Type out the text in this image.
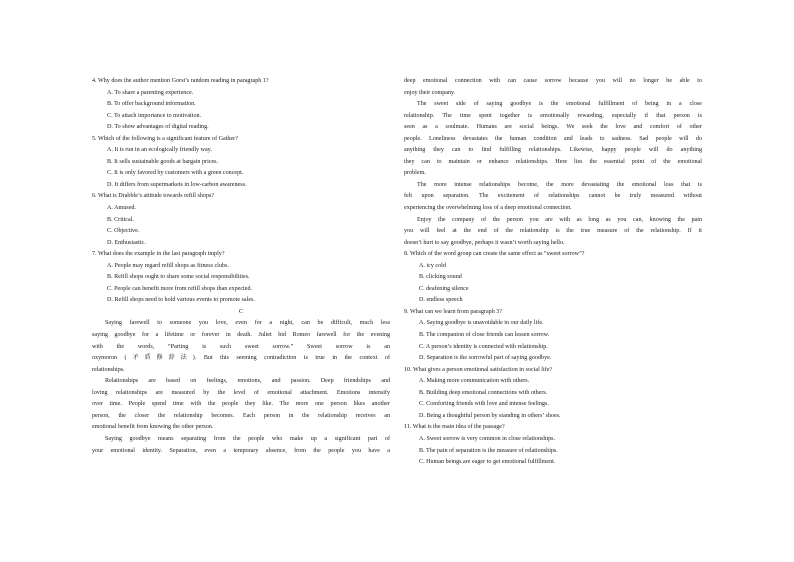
4. Why does the author mention Gorst’s random reading in paragraph 1?
A. To share a parenting experience.
B. To offer background information.
C. To attach importance to motivation.
D. To show advantages of digital reading.
5. Which of the following is a significant feature of Gather?
A. It is run in an ecologically friendly way.
B. It sells sustainable goods at bargain prices.
C. It is only favored by customers with a green concept.
D. It differs from supermarkets in low-carbon awareness.
6. What is Drabble’s attitude towards refill shops?
A. Amused.
B. Critical.
C. Objective.
D. Enthusiastic.
7. What does the example in the last paragraph imply?
A. People may regard refill shops as fitness clubs.
B. Refill shops ought to share some social responsibilities.
C. People can benefit more from refill shops than expected.
D. Refill shops need to hold various events to promote sales.
C
Saying farewell to someone you love, even for a night, can be difficult, much less
saying goodbye for a lifetime or forever in death. Juliet bid Romeo farewell for the evening
with the words, “Parting is such sweet sorrow.” Sweet sorrow is an
oxymoron (矛盾修辞法). But this seeming contradiction is true in the context of
relationships.
Relationships are based on feelings, emotions, and passion. Deep friendships and
loving relationships are measured by the level of emotional attachment. Emotions intensify
over time. People spend time with the people they like. The more one person likes another
person, the closer the relationship becomes. Each person in the relationship receives an
emotional benefit from knowing the other person.
Saying goodbye means separating from the people who make up a significant part of
your emotional identity. Separation, even a temporary absence, from the people you have a
deep emotional connection with can cause sorrow because you will no longer be able to
enjoy their company.
The sweet side of saying goodbye is the emotional fulfillment of being in a close
relationship. The time spent together is emotionally rewarding, especially if that person is
seen as a soulmate. Humans are social beings. We seek the love and comfort of other
people. Loneliness devastates the human condition and leads to sadness. Sad people will do
anything they can to find fulfilling relationships. Likewise, happy people will do anything
they can to maintain or enhance relationships. Here lies the essential point of the emotional
problem.
The more intense relationships become, the more devastating the emotional loss that is
felt upon separation. The excitement of relationships cannot be truly measured without
experiencing the overwhelming loss of a deep emotional connection.
Enjoy the company of the person you are with as long as you can, knowing the pain
you will feel at the end of the relationship is the true measure of the relationship. If it
doesn’t hurt to say goodbye, perhaps it wasn’t worth saying hello.
8. Which of the word group can create the same effect as “sweet sorrow”?
A. icy cold
B. clicking sound
C. deafening silence
D. endless speech
9. What can we learn from paragraph 3?
A. Saying goodbye is unavoidable in our daily life.
B. The companion of close friends can lessen sorrow.
C. A person’s identity is connected with relationship.
D. Separation is the sorrowful part of saying goodbye.
10. What gives a person emotional satisfaction in social life?
A. Making more communication with others.
B. Building deep emotional connections with others.
C. Comforting friends with love and intense feelings.
D. Being a thoughtful person by standing in others’ shoes.
11. What is the main idea of the passage?
A. Sweet sorrow is very common in close relationships.
B. The pain of separation is the measure of relationships.
C. Human beings are eager to get emotional fulfillment.
